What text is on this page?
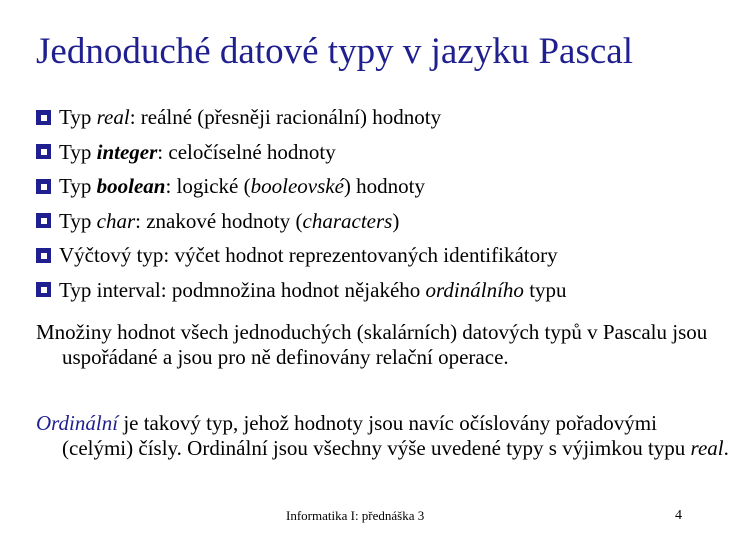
Jednoduché datové typy v jazyku Pascal
Typ real: reálné (přesněji racionální) hodnoty
Typ integer: celočíselné hodnoty
Typ boolean: logické (booleovské) hodnoty
Typ char: znakové hodnoty (characters)
Výčtový typ: výčet hodnot reprezentovaných identifikátory
Typ interval: podmnožina hodnot nějakého ordinálního typu
Množiny hodnot všech jednoduchých (skalárních) datových typů v Pascalu jsou uspořádané a jsou pro ně definovány relační operace.
Ordinální je takový typ, jehož hodnoty jsou navíc očíslovány pořadovými (celými) čísly. Ordinální jsou všechny výše uvedené typy s výjimkou typu real.
Informatika I: přednáška 3	4
